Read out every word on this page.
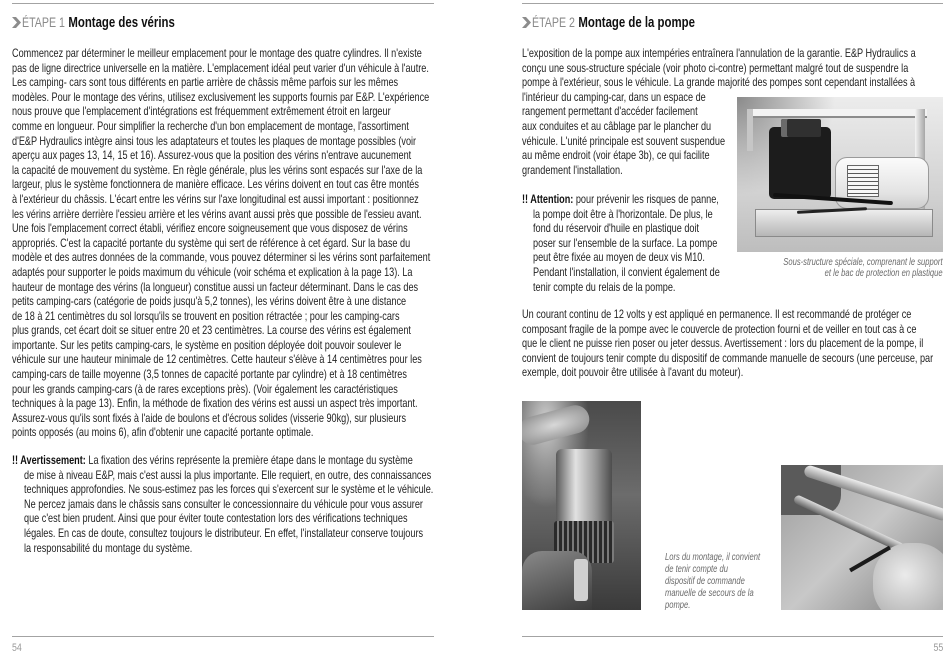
ÉTAPE 1 Montage des vérins
Commencez par déterminer le meilleur emplacement pour le montage des quatre cylindres. Il n'existe
pas de ligne directrice universelle en la matière. L'emplacement idéal peut varier d'un véhicule à l'autre.
Les camping- cars sont tous différents en partie arrière de châssis même parfois sur les mêmes
modèles. Pour le montage des vérins, utilisez exclusivement les supports fournis par E&P. L'expérience
nous prouve que l'emplacement d'intégrations est fréquemment extrêmement étroit en largeur
comme en longueur. Pour simplifier la recherche d'un bon emplacement de montage, l'assortiment
d'E&P Hydraulics intègre ainsi tous les adaptateurs et toutes les plaques de montage possibles (voir
aperçu aux pages 13, 14, 15 et 16). Assurez-vous que la position des vérins n'entrave aucunement
la capacité de mouvement du système. En règle générale, plus les vérins sont espacés sur l'axe de la
largeur, plus le système fonctionnera de manière efficace. Les vérins doivent en tout cas être montés
à l'extérieur du châssis. L'écart entre les vérins sur l'axe longitudinal est aussi important : positionnez
les vérins arrière derrière l'essieu arrière et les vérins avant aussi près que possible de l'essieu avant.
Une fois l'emplacement correct établi, vérifiez encore soigneusement que vous disposez de vérins
appropriés. C'est la capacité portante du système qui sert de référence à cet égard. Sur la base du
modèle et des autres données de la commande, vous pouvez déterminer si les vérins sont parfaitement
adaptés pour supporter le poids maximum du véhicule (voir schéma et explication à la page 13). La
hauteur de montage des vérins (la longueur) constitue aussi un facteur déterminant. Dans le cas des
petits camping-cars (catégorie de poids jusqu'à 5,2 tonnes), les vérins doivent être à une distance
de 18 à 21 centimètres du sol lorsqu'ils se trouvent en position rétractée ; pour les camping-cars
plus grands, cet écart doit se situer entre 20 et 23 centimètres. La course des vérins est également
importante. Sur les petits camping-cars, le système en position déployée doit pouvoir soulever le
véhicule sur une hauteur minimale de 12 centimètres. Cette hauteur s'élève à 14 centimètres pour les
camping-cars de taille moyenne (3,5 tonnes de capacité portante par cylindre) et à 18 centimètres
pour les grands camping-cars (à de rares exceptions près). (Voir également les caractéristiques
techniques à la page 13). Enfin, la méthode de fixation des vérins est aussi un aspect très important.
Assurez-vous qu'ils sont fixés à l'aide de boulons et d'écrous solides (visserie 90kg), sur plusieurs
points opposés (au moins 6), afin d'obtenir une capacité portante optimale.
!! Avertissement: La fixation des vérins représente la première étape dans le montage du système
de mise à niveau E&P, mais c'est aussi la plus importante. Elle requiert, en outre, des connaissances
techniques approfondies. Ne sous-estimez pas les forces qui s'exercent sur le système et le véhicule.
Ne percez jamais dans le châssis sans consulter le concessionnaire du véhicule pour vous assurer
que c'est bien prudent. Ainsi que pour éviter toute contestation lors des vérifications techniques
légales. En cas de doute, consultez toujours le distributeur. En effet, l'installateur conserve toujours
la responsabilité du montage du système.
54
ÉTAPE 2 Montage de la pompe
L'exposition de la pompe aux intempéries entraînera l'annulation de la garantie. E&P Hydraulics a
conçu une sous-structure spéciale (voir photo ci-contre) permettant malgré tout de suspendre la
pompe à l'extérieur, sous le véhicule. La grande majorité des pompes sont cependant installées à
l'intérieur du camping-car, dans un espace de
rangement permettant d'accéder facilement
aux conduites et au câblage par le plancher du
véhicule. L'unité principale est souvent suspendue
au même endroit (voir étape 3b), ce qui facilite
grandement l'installation.
Sous-structure spéciale, comprenant le support
et le bac de protection en plastique
!! Attention: pour prévenir les risques de panne,
la pompe doit être à l'horizontale. De plus, le
fond du réservoir d'huile en plastique doit
poser sur l'ensemble de la surface. La pompe
peut être fixée au moyen de deux vis M10.
Pendant l'installation, il convient également de
tenir compte du relais de la pompe.
Un courant continu de 12 volts y est appliqué en permanence. Il est recommandé de protéger ce
composant fragile de la pompe avec le couvercle de protection fourni et de veiller en tout cas à ce
que le client ne puisse rien poser ou jeter dessus. Avertissement : lors du placement de la pompe, il
convient de toujours tenir compte du dispositif de commande manuelle de secours (une perceuse, par
exemple, doit pouvoir être utilisée à l'avant du moteur).
Lors du montage, il convient
de tenir compte du
dispositif de commande
manuelle de secours de la
pompe.
55
